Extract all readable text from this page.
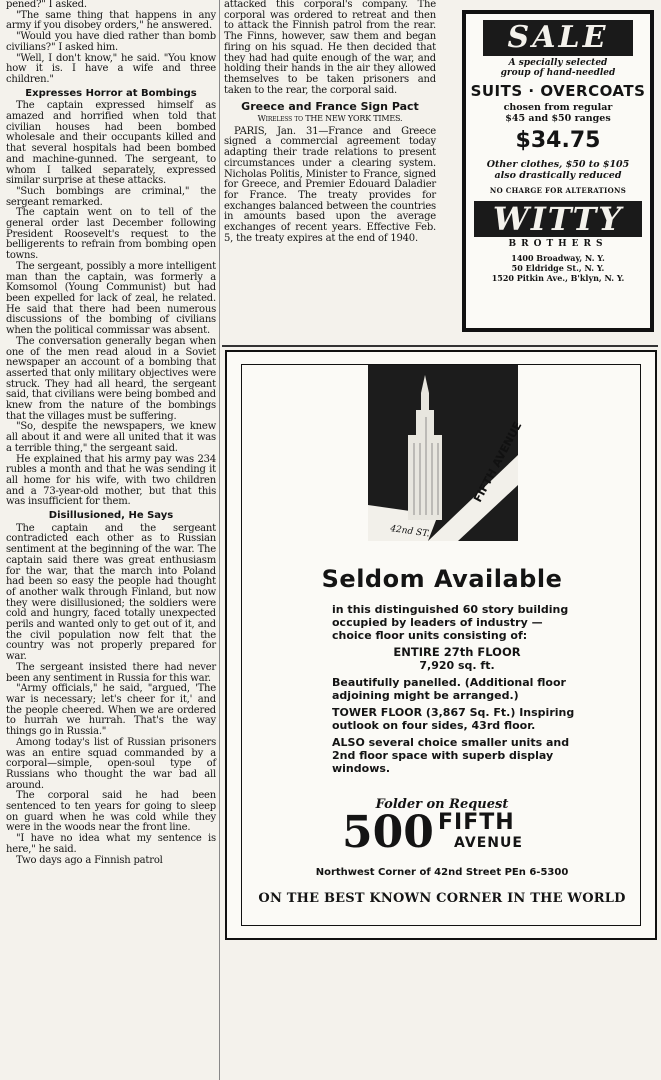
pened?" I asked.

"The same thing that happens in any army if you disobey orders," he answered.

"Would you have died rather than bomb civilians?" I asked him.

"Well, I don't know," he said. "You know how it is. I have a wife and three children."

Expresses Horror at Bombings

The captain expressed himself as amazed and horrified when told that civilian houses had been bombed wholesale and their occupants killed and that several hospitals had been bombed and machine-gunned. The sergeant, to whom I talked separately, expressed similar surprise at these attacks.

"Such bombings are criminal," the sergeant remarked.

The captain went on to tell of the general order last December following President Roosevelt's request to the belligerents to refrain from bombing open towns.

The sergeant, possibly a more intelligent man than the captain, was formerly a Komsomol (Young Communist) but had been expelled for lack of zeal, he related. He said that there had been numerous discussions of the bombing of civilians when the political commissar was absent.

The conversation generally began when one of the men read aloud in a Soviet newspaper an account of a bombing that asserted that only military objectives were struck. They had all heard, the sergeant said, that civilians were being bombed and knew from the nature of the bombings that the villages must be suffering.

"So, despite the newspapers, we knew all about it and were all united that it was a terrible thing," the sergeant said.

He explained that his army pay was 234 rubles a month and that he was sending it all home for his wife, with two children and a 73-year-old mother, but that this was insufficient for them.

Disillusioned, He Says

The captain and the sergeant contradicted each other as to Russian sentiment at the beginning of the war. The captain said there was great enthusiasm for the war, that the march into Poland had been so easy the people had thought of another walk through Finland, but now they were disillusioned; the soldiers were cold and hungry, faced totally unexpected perils and wanted only to get out of it, and the civil population now felt that the country was not properly prepared for war.

The sergeant insisted there had never been any sentiment in Russia for this war.

"Army officials," he said, "argued, 'The war is necessary; let's cheer for it,' and the people cheered. When we are ordered to hurrah we hurrah. That's the way things go in Russia."

Among today's list of Russian prisoners was an entire squad commanded by a corporal—simple, open-soul type of Russians who thought the war bad all around.

The corporal said he had been sentenced to ten years for going to sleep on guard when he was cold while they were in the woods near the front line.

"I have no idea what my sentence is here," he said.

Two days ago a Finnish patrol

attacked this corporal's company. The corporal was ordered to retreat and then to attack the Finnish patrol from the rear. The Finns, however, saw them and began firing on his squad. He then decided that they had had quite enough of the war, and holding their hands in the air they allowed themselves to be taken prisoners and taken to the rear, the corporal said.

Greece and France Sign Pact
Wireless to THE NEW YORK TIMES.

PARIS, Jan. 31—France and Greece signed a commercial agreement today adapting their trade relations to present circumstances under a clearing system. Nicholas Politis, Minister to France, signed for Greece, and Premier Edouard Daladier for France. The treaty provides for exchanges balanced between the countries in amounts based upon the average exchanges of recent years. Effective Feb. 5, the treaty expires at the end of 1940.

SALE
A specially selected
group of hand-needled
SUITS · OVERCOATS
chosen from regular
$45 and $50 ranges
$34.75
Other clothes, $50 to $105
also drastically reduced
NO CHARGE FOR ALTERATIONS
WITTY
BROTHERS
1400 Broadway, N. Y.
50 Eldridge St., N. Y.
1520 Pitkin Ave., B'klyn, N. Y.
FIFTH AVENUE
42nd ST.
Seldom Available
in this distinguished 60 story building occupied by leaders of industry —choice floor units consisting of:
ENTIRE 27th FLOOR
7,920 sq. ft.
Beautifully panelled. (Additional floor adjoining might be arranged.)
TOWER FLOOR (3,867 Sq. Ft.) Inspiring outlook on four sides, 43rd floor.
ALSO several choice smaller units and 2nd floor space with superb display windows.
Folder on Request
500 FIFTH
AVENUE
Northwest Corner of 42nd Street PEn 6-5300
ON THE BEST KNOWN CORNER IN THE WORLD
